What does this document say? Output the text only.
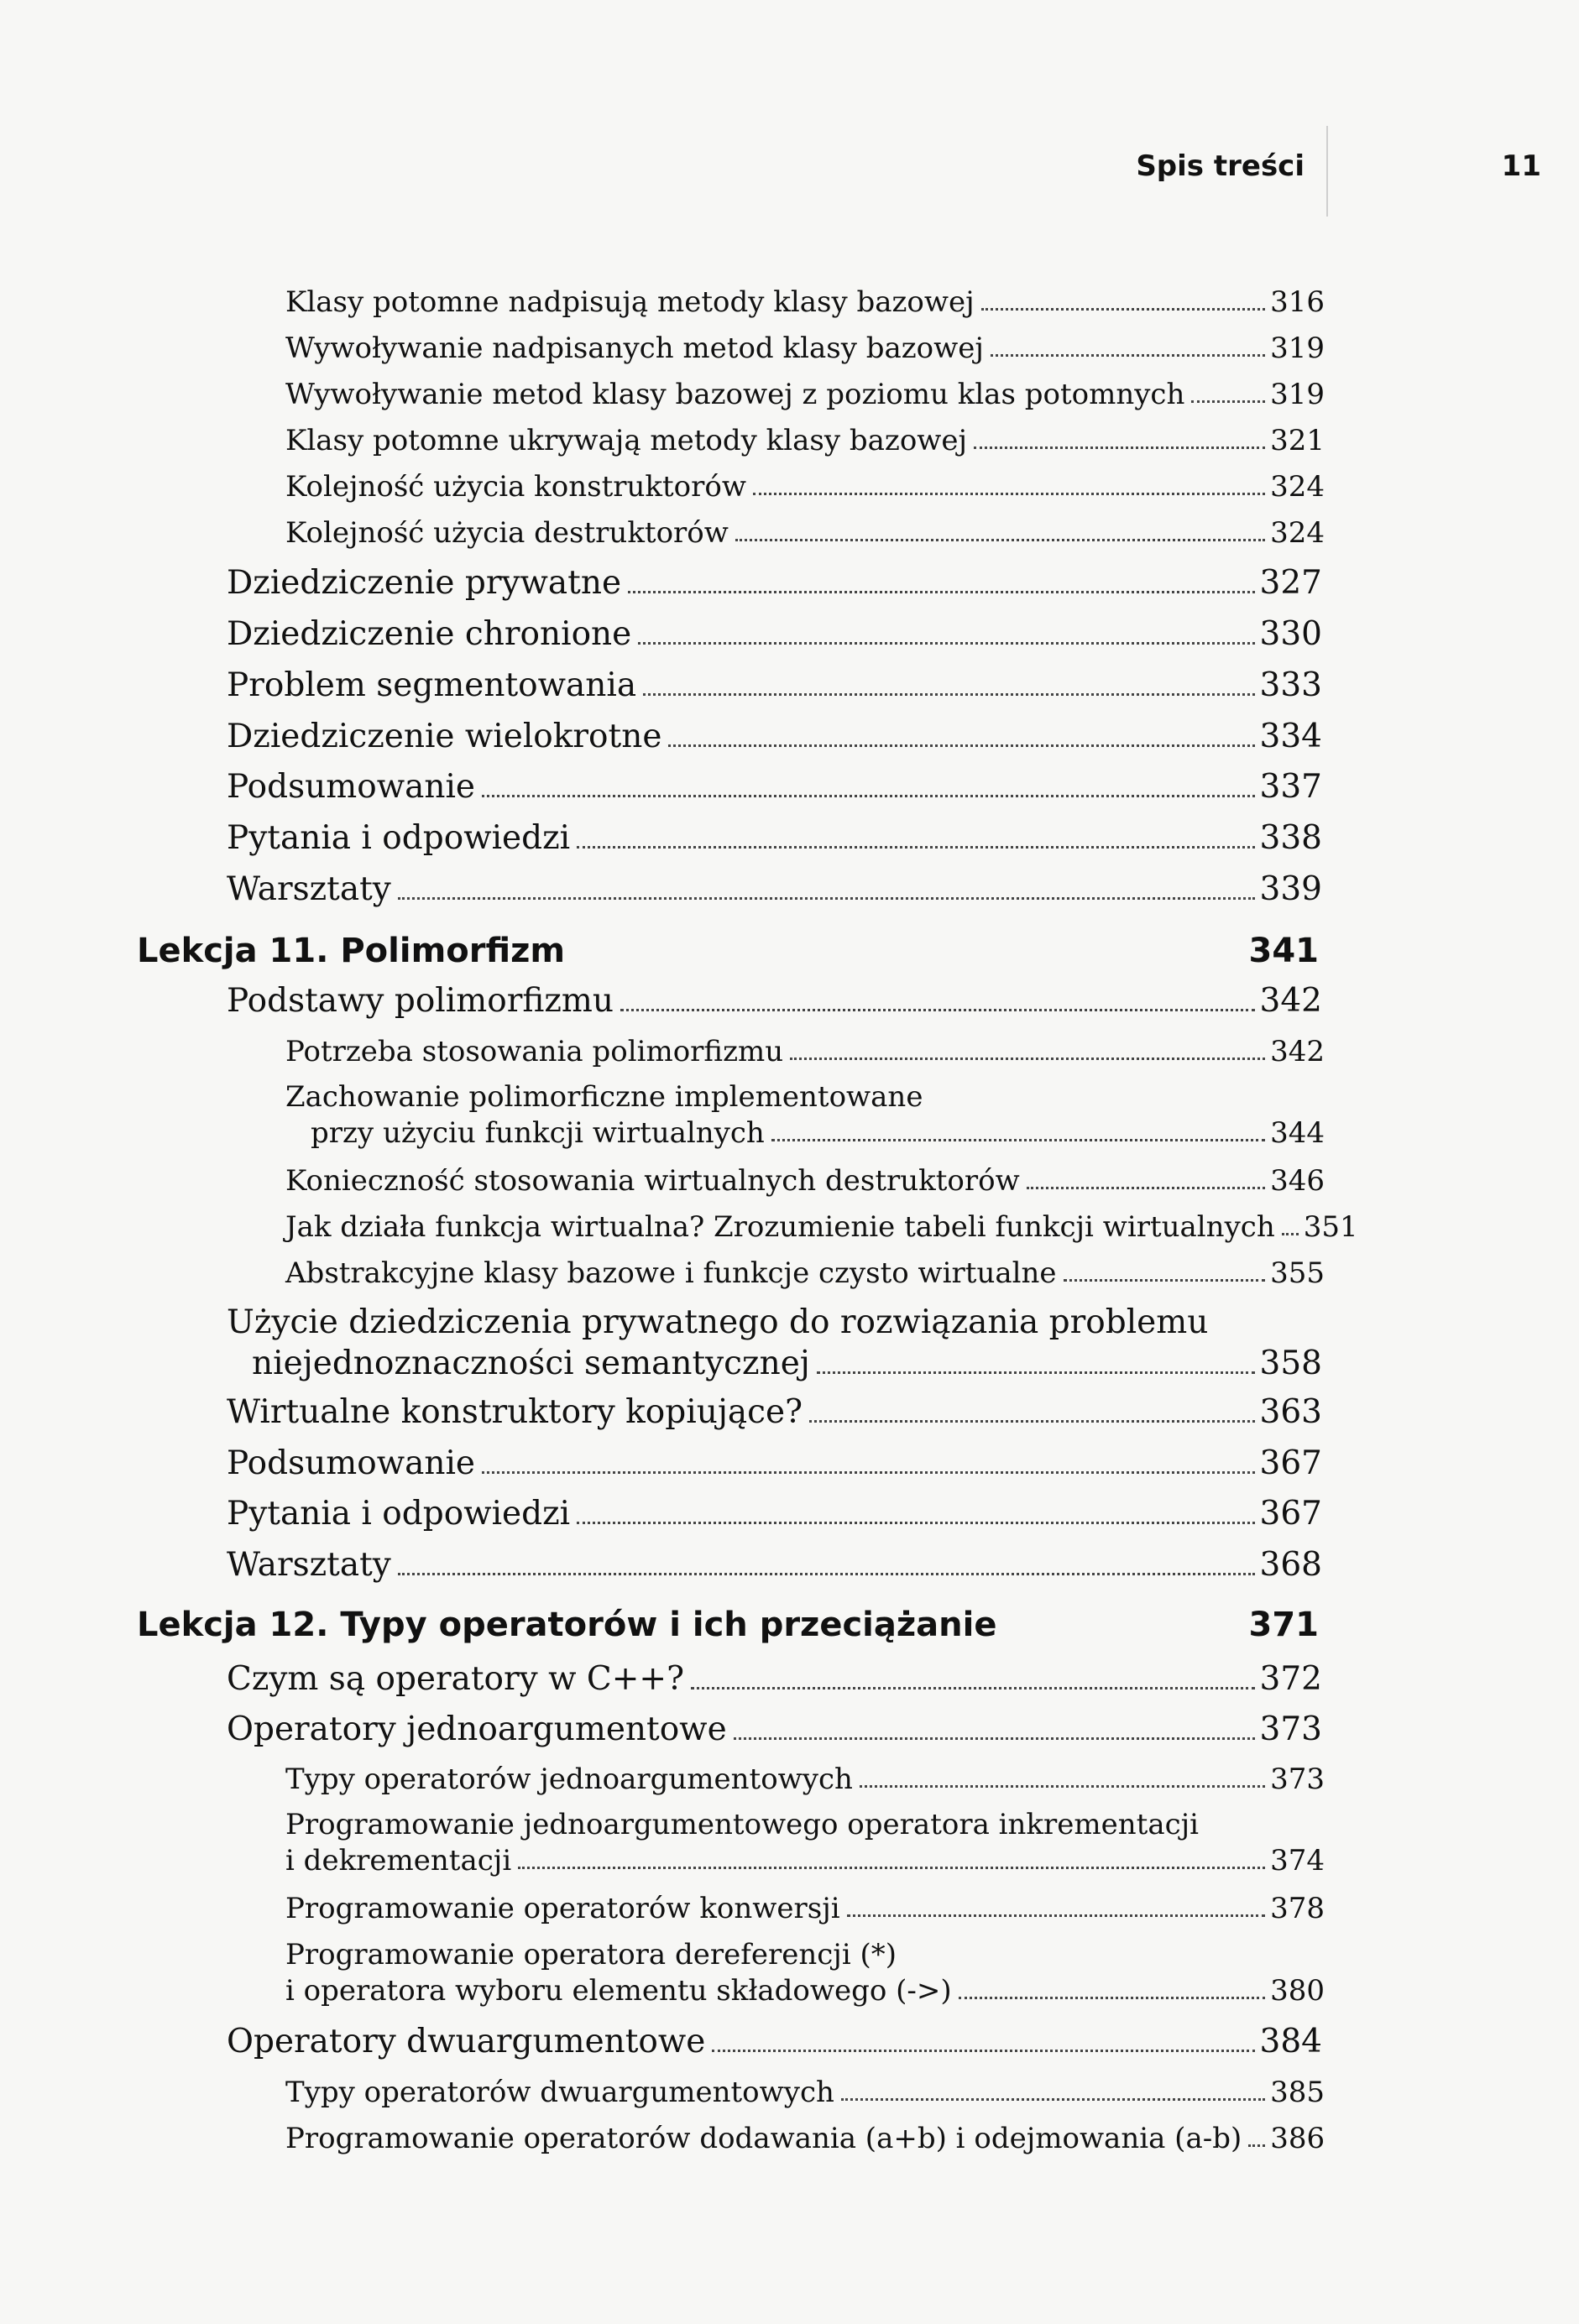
Spis treści	11
Klasy potomne nadpisują metody klasy bazowej	316
Wywoływanie nadpisanych metod klasy bazowej	319
Wywoływanie metod klasy bazowej z poziomu klas potomnych	319
Klasy potomne ukrywają metody klasy bazowej	321
Kolejność użycia konstruktorów	324
Kolejność użycia destruktorów	324
Dziedziczenie prywatne	327
Dziedziczenie chronione	330
Problem segmentowania	333
Dziedziczenie wielokrotne	334
Podsumowanie	337
Pytania i odpowiedzi	338
Warsztaty	339
Lekcja 11. Polimorfizm	341
Podstawy polimorfizmu	342
Potrzeba stosowania polimorfizmu	342
Zachowanie polimorficzne implementowane
przy użyciu funkcji wirtualnych	344
Konieczność stosowania wirtualnych destruktorów	346
Jak działa funkcja wirtualna? Zrozumienie tabeli funkcji wirtualnych 351
Abstrakcyjne klasy bazowe i funkcje czysto wirtualne	355
Użycie dziedziczenia prywatnego do rozwiązania problemu
niejednoznaczności semantycznej	358
Wirtualne konstruktory kopiujące?	363
Podsumowanie	367
Pytania i odpowiedzi	367
Warsztaty	368
Lekcja 12. Typy operatorów i ich przeciążanie	371
Czym są operatory w C++?	372
Operatory jednoargumentowe	373
Typy operatorów jednoargumentowych	373
Programowanie jednoargumentowego operatora inkrementacji
i dekrementacji	374
Programowanie operatorów konwersji	378
Programowanie operatora dereferencji (*)
i operatora wyboru elementu składowego (->)	380
Operatory dwuargumentowe	384
Typy operatorów dwuargumentowych	385
Programowanie operatorów dodawania (a+b) i odejmowania (a-b) 386
